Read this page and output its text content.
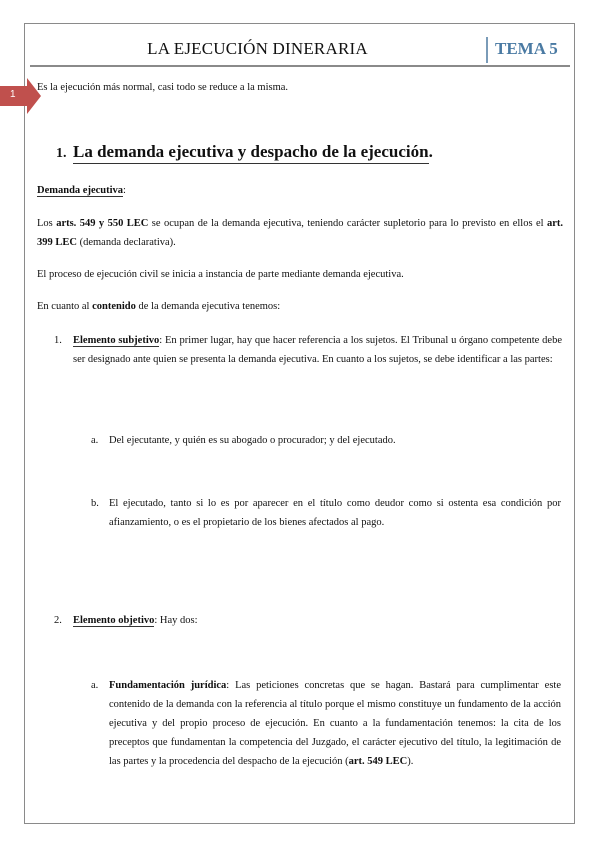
LA EJECUCIÓN DINERARIA	TEMA 5
1
Es la ejecución más normal, casi todo se reduce a la misma.
1. La demanda ejecutiva y despacho de la ejecución.
Demanda ejecutiva:
Los arts. 549 y 550 LEC se ocupan de la demanda ejecutiva, teniendo carácter supletorio para lo previsto en ellos el art. 399 LEC (demanda declarativa).
El proceso de ejecución civil se inicia a instancia de parte mediante demanda ejecutiva.
En cuanto al contenido de la demanda ejecutiva tenemos:
1. Elemento subjetivo: En primer lugar, hay que hacer referencia a los sujetos. El Tribunal u órgano competente debe ser designado ante quien se presenta la demanda ejecutiva. En cuanto a los sujetos, se debe identificar a las partes:
a. Del ejecutante, y quién es su abogado o procurador; y del ejecutado.
b. El ejecutado, tanto si lo es por aparecer en el título como deudor como si ostenta esa condición por afianzamiento, o es el propietario de los bienes afectados al pago.
2. Elemento objetivo: Hay dos:
a. Fundamentación jurídica: Las peticiones concretas que se hagan. Bastará para cumplimentar este contenido de la demanda con la referencia al título porque el mismo constituye un fundamento de la acción ejecutiva y del propio proceso de ejecución. En cuanto a la fundamentación tenemos: la cita de los preceptos que fundamentan la competencia del Juzgado, el carácter ejecutivo del título, la legitimación de las partes y la procedencia del despacho de la ejecución (art. 549 LEC).
